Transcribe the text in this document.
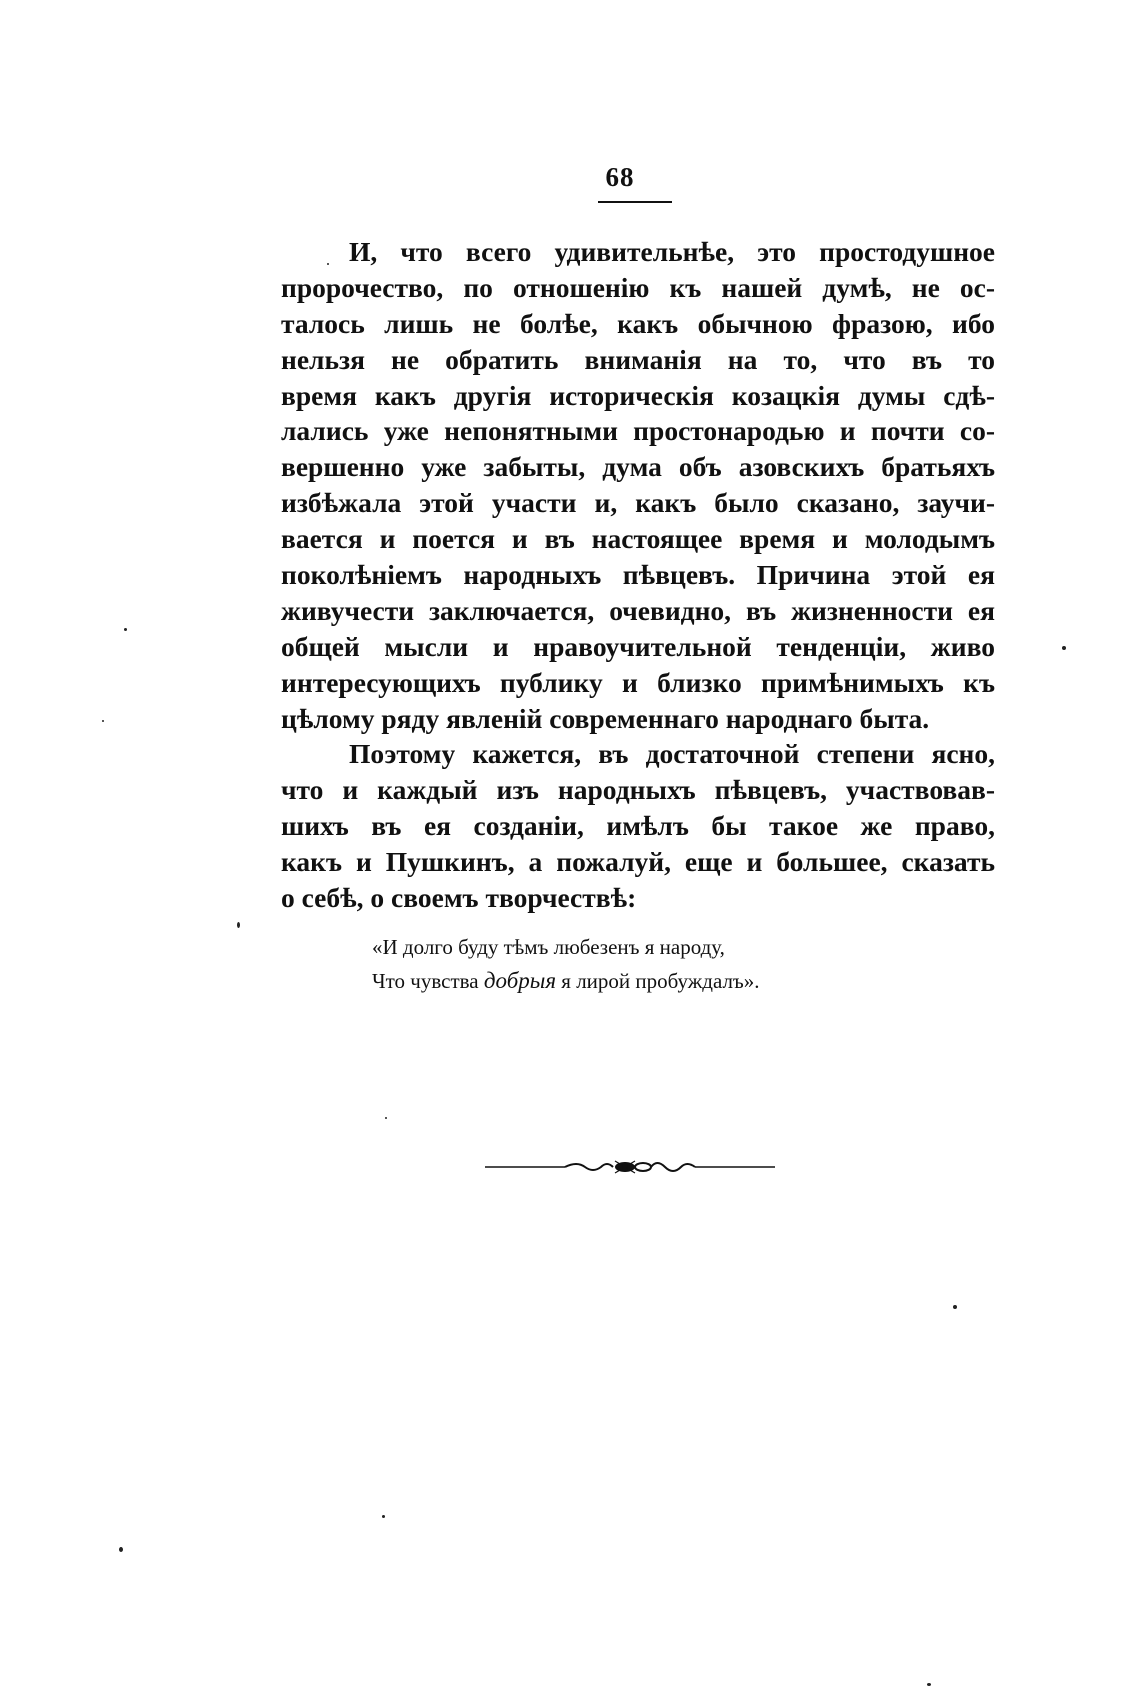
68
И, что всего удивительнѣе, это простодушное
пророчество, по отношенію къ нашей думѣ, не ос-
талось лишь не болѣе, какъ обычною фразою, ибо
нельзя не обратить вниманія на то, что въ то
время какъ другія историческія козацкія думы сдѣ-
лались уже непонятными простонародью и почти со-
вершенно уже забыты, дума объ азовскихъ братьяхъ
избѣжала этой участи и, какъ было сказано, заучи-
вается и поется и въ настоящее время и молодымъ
поколѣніемъ народныхъ пѣвцевъ. Причина этой ея
живучести заключается, очевидно, въ жизненности ея
общей мысли и нравоучительной тенденціи, живо
интересующихъ публику и близко примѣнимыхъ къ
цѣлому ряду явленій современнаго народнаго быта.
Поэтому кажется, въ достаточной степени ясно,
что и каждый изъ народныхъ пѣвцевъ, участвовав-
шихъ въ ея созданіи, имѣлъ бы такое же право,
какъ и Пушкинъ, а пожалуй, еще и большее, сказать
о себѣ, о своемъ творчествѣ:
«И долго буду тѣмъ любезенъ я народу,
Что чувства добрыя я лирой пробуждалъ».
